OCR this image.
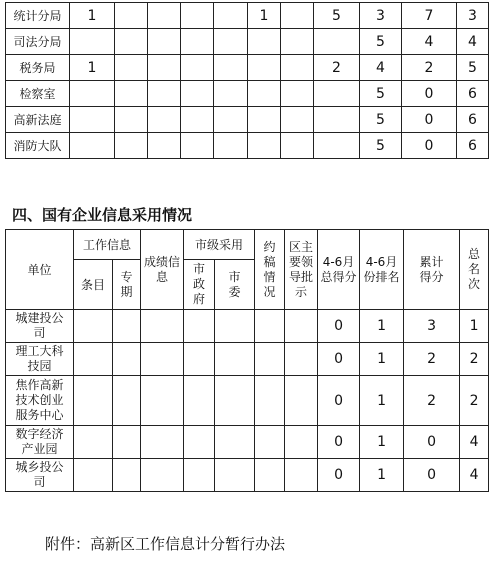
统计分局	1					1		5	3	7	3
司法分局									5	4	4
税务局	1							2	4	2	5
检察室									5	0	6
高新法庭									5	0	6
消防大队									5	0	6
四、国有企业信息采用情况
单位	工作信息		成绩信息	市级采用		约稿情况	区主要领导批示	4-6月总得分	4-6月份排名	累计得分	总名次
	条目	专期		市政府	市委						
城建投公司								0	1	3	1
理工大科技园								0	1	2	2
焦作高新技术创业服务中心								0	1	2	2
数字经济产业园								0	1	0	4
城乡投公司								0	1	0	4

附件：高新区工作信息计分暂行办法
